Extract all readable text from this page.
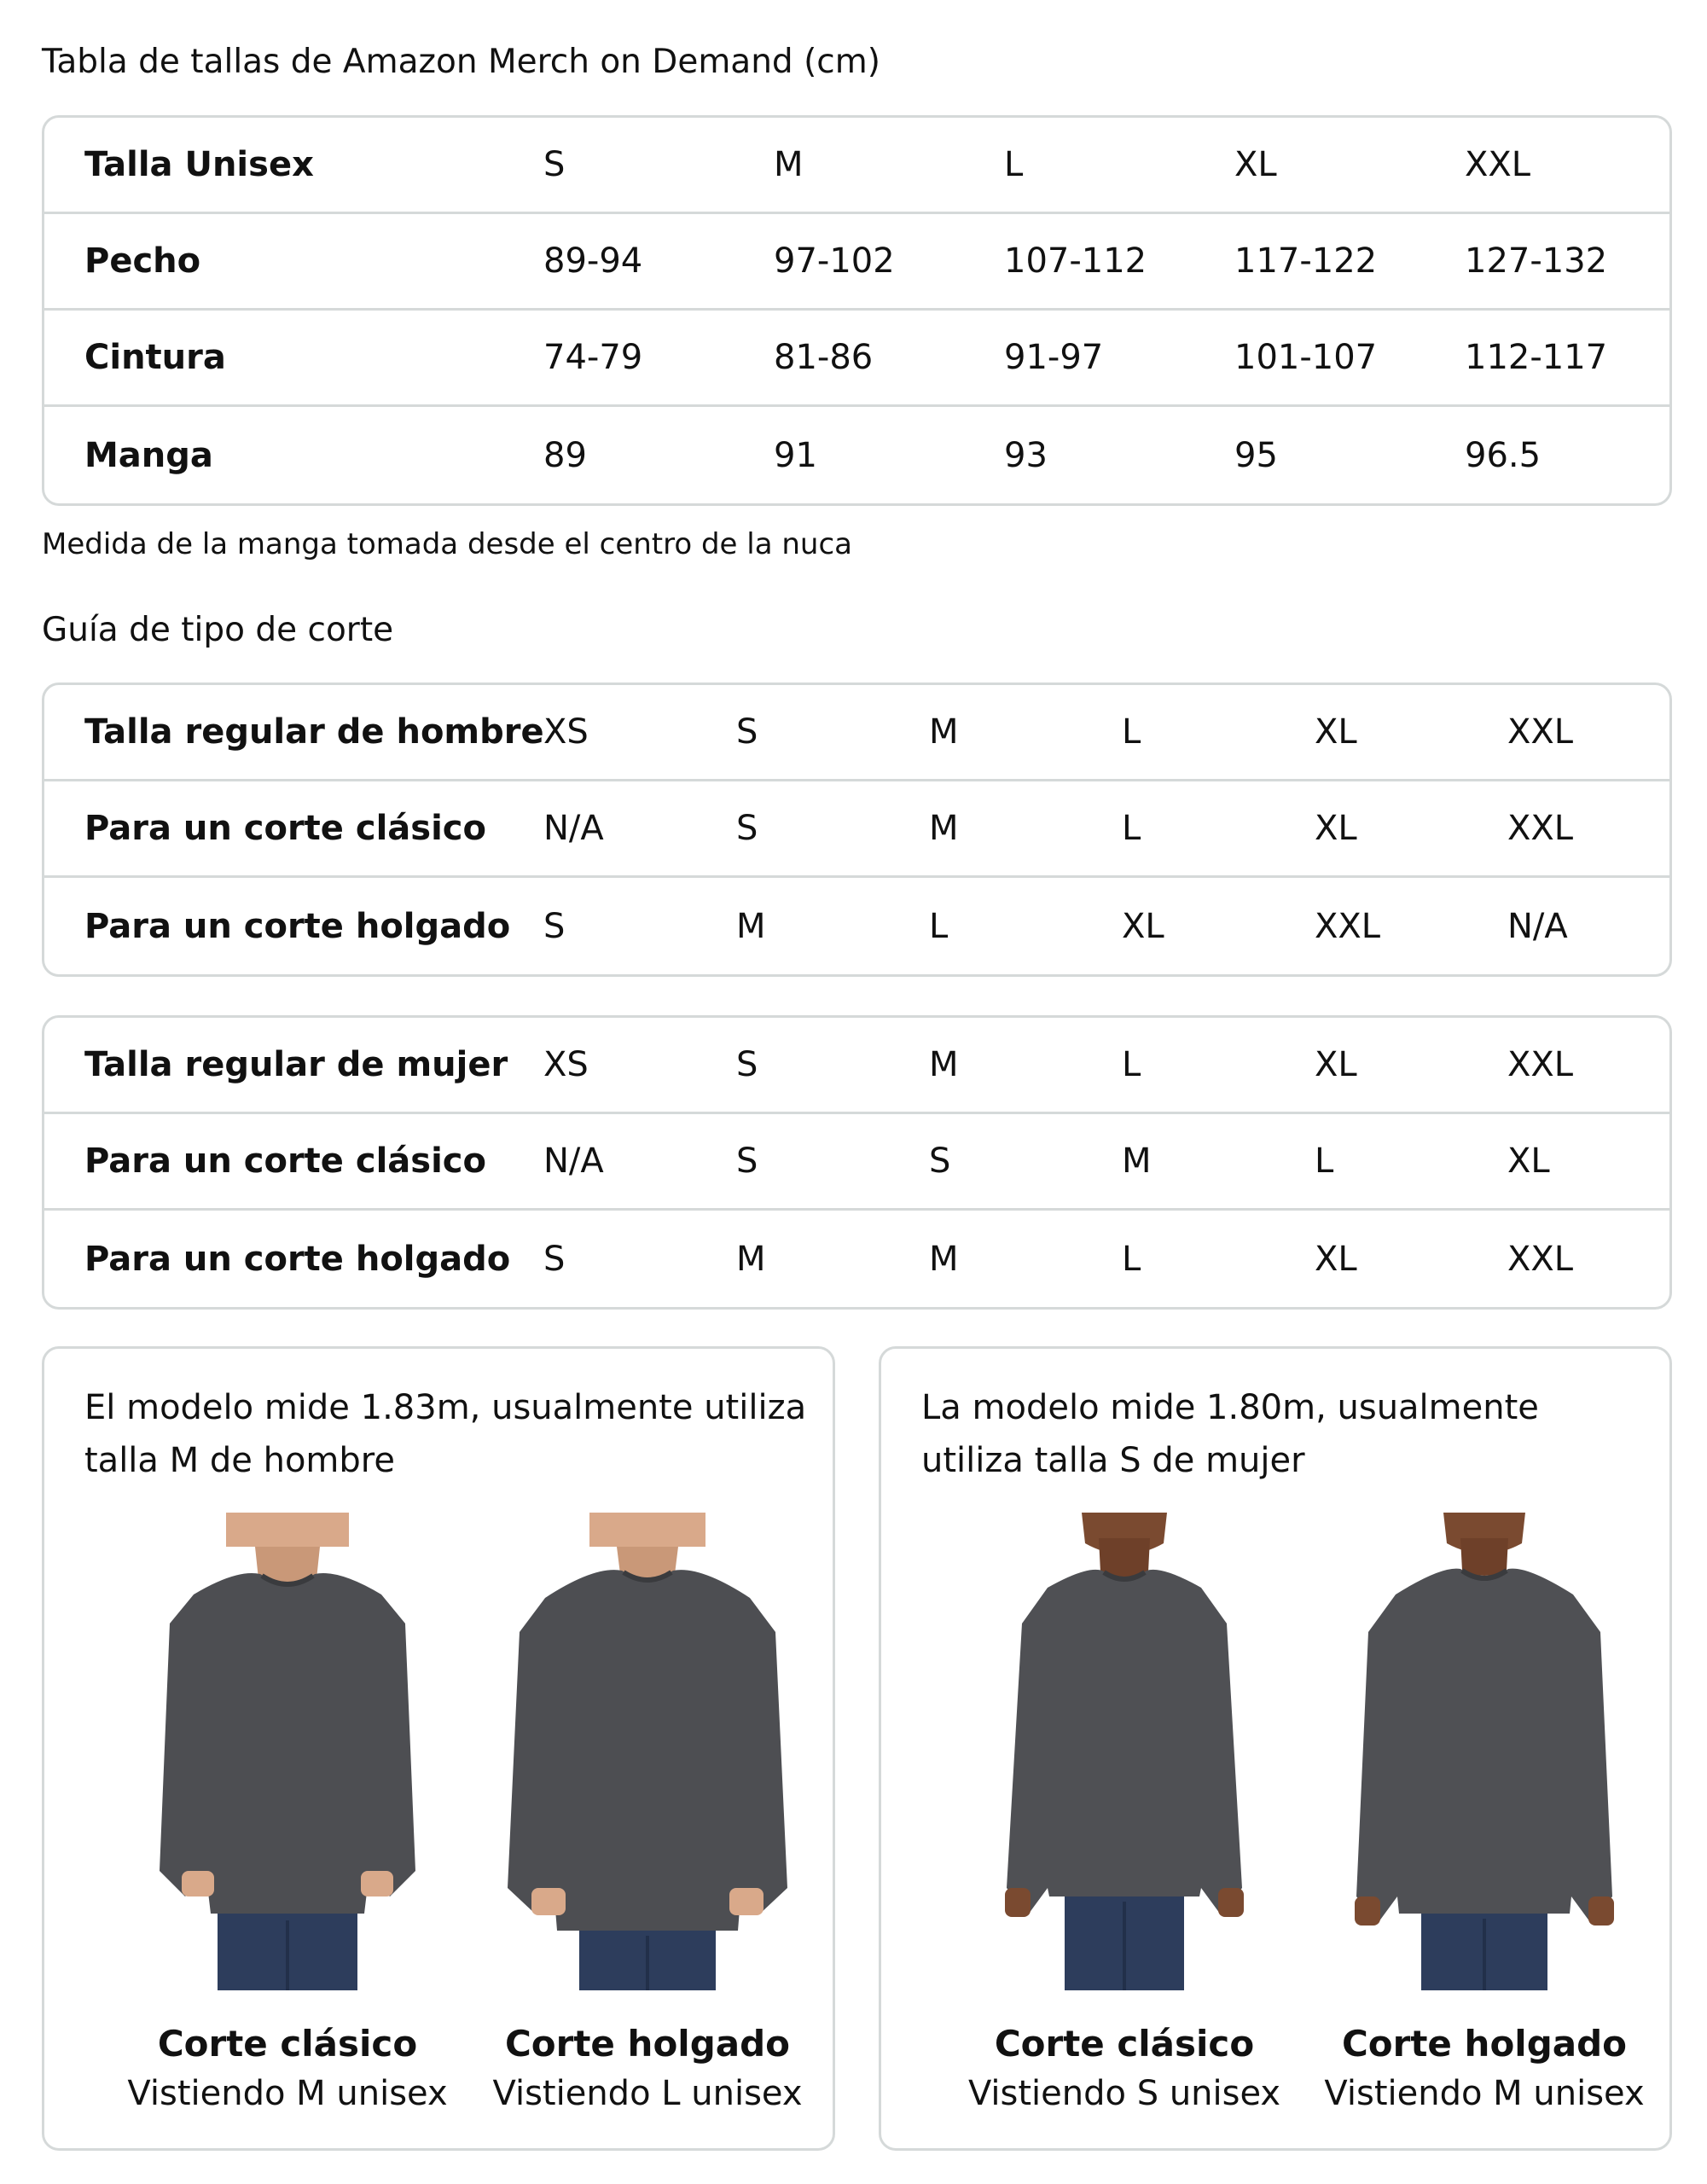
Tabla de tallas de Amazon Merch on Demand (cm)
Talla Unisex	S	M	L	XL	XXL
Pecho	89-94	97-102	107-112	117-122	127-132
Cintura	74-79	81-86	91-97	101-107	112-117
Manga	89	91	93	95	96.5

Medida de la manga tomada desde el centro de la nuca

Guía de tipo de corte
Talla regular de hombre XS	S	M	L	XL	XXL
Para un corte clásico N/A	S	M	L	XL	XXL
Para un corte holgado S	M	L	XL	XXL	N/A
Talla regular de mujer XS	S	M	L	XL	XXL
Para un corte clásico N/A	S	S	M	L	XL
Para un corte holgado S	M	M	L	XL	XXL

El modelo mide 1.83m, usualmente utiliza talla M de hombre

Corte clásico
Vistiendo M unisex
Corte holgado
Vistiendo L unisex

La modelo mide 1.80m, usualmente utiliza talla S de mujer

Corte clásico
Vistiendo S unisex
Corte holgado
Vistiendo M unisex
